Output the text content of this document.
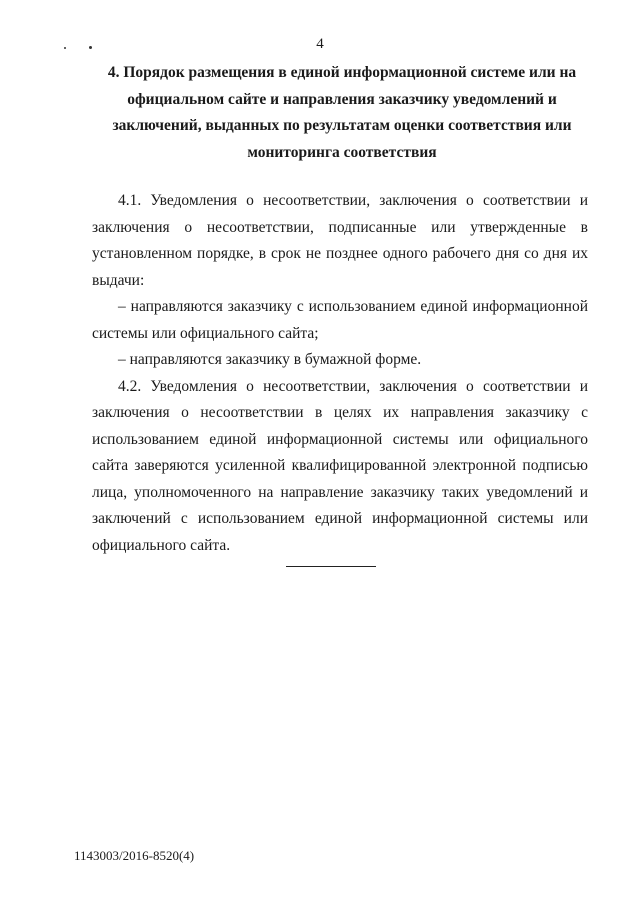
4
4. Порядок размещения в единой информационной системе или на официальном сайте и направления заказчику уведомлений и заключений, выданных по результатам оценки соответствия или мониторинга соответствия

4.1. Уведомления о несоответствии, заключения о соответствии и заключения о несоответствии, подписанные или утвержденные в установленном порядке, в срок не позднее одного рабочего дня со дня их выдачи:

– направляются заказчику с использованием единой информационной системы или официального сайта;

– направляются заказчику в бумажной форме.

4.2. Уведомления о несоответствии, заключения о соответствии и заключения о несоответствии в целях их направления заказчику с использованием единой информационной системы или официального сайта заверяются усиленной квалифицированной электронной подписью лица, уполномоченного на направление заказчику таких уведомлений и заключений с использованием единой информационной системы или официального сайта.

1143003/2016-8520(4)
